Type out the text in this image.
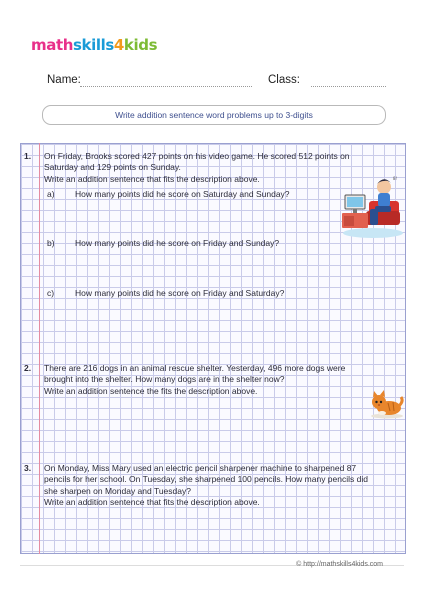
mathskills4kids
Name:	Class:
Write addition sentence word problems up to 3-digits
1. On Friday, Brooks scored 427 points on his video game. He scored 512 points on
Saturday and 129 points on Sunday.
Write an addition sentence that fits the description above.
a) How many points did he score on Saturday and Sunday?
b) How many points did he score on Friday and Sunday?
c) How many points did he score on Friday and Saturday?
8!
2. There are 216 dogs in an animal rescue shelter. Yesterday, 496 more dogs were
brought into the shelter. How many dogs are in the shelter now?
Write an addition sentence the fits the description above.
3. On Monday, Miss Mary used an electric pencil sharpener machine to sharpened 87
pencils for her school. On Tuesday, she sharpened 100 pencils. How many pencils did
she sharpen on Monday and Tuesday?
Write an addition sentence that fits the description above.
© http://mathskills4kids.com
